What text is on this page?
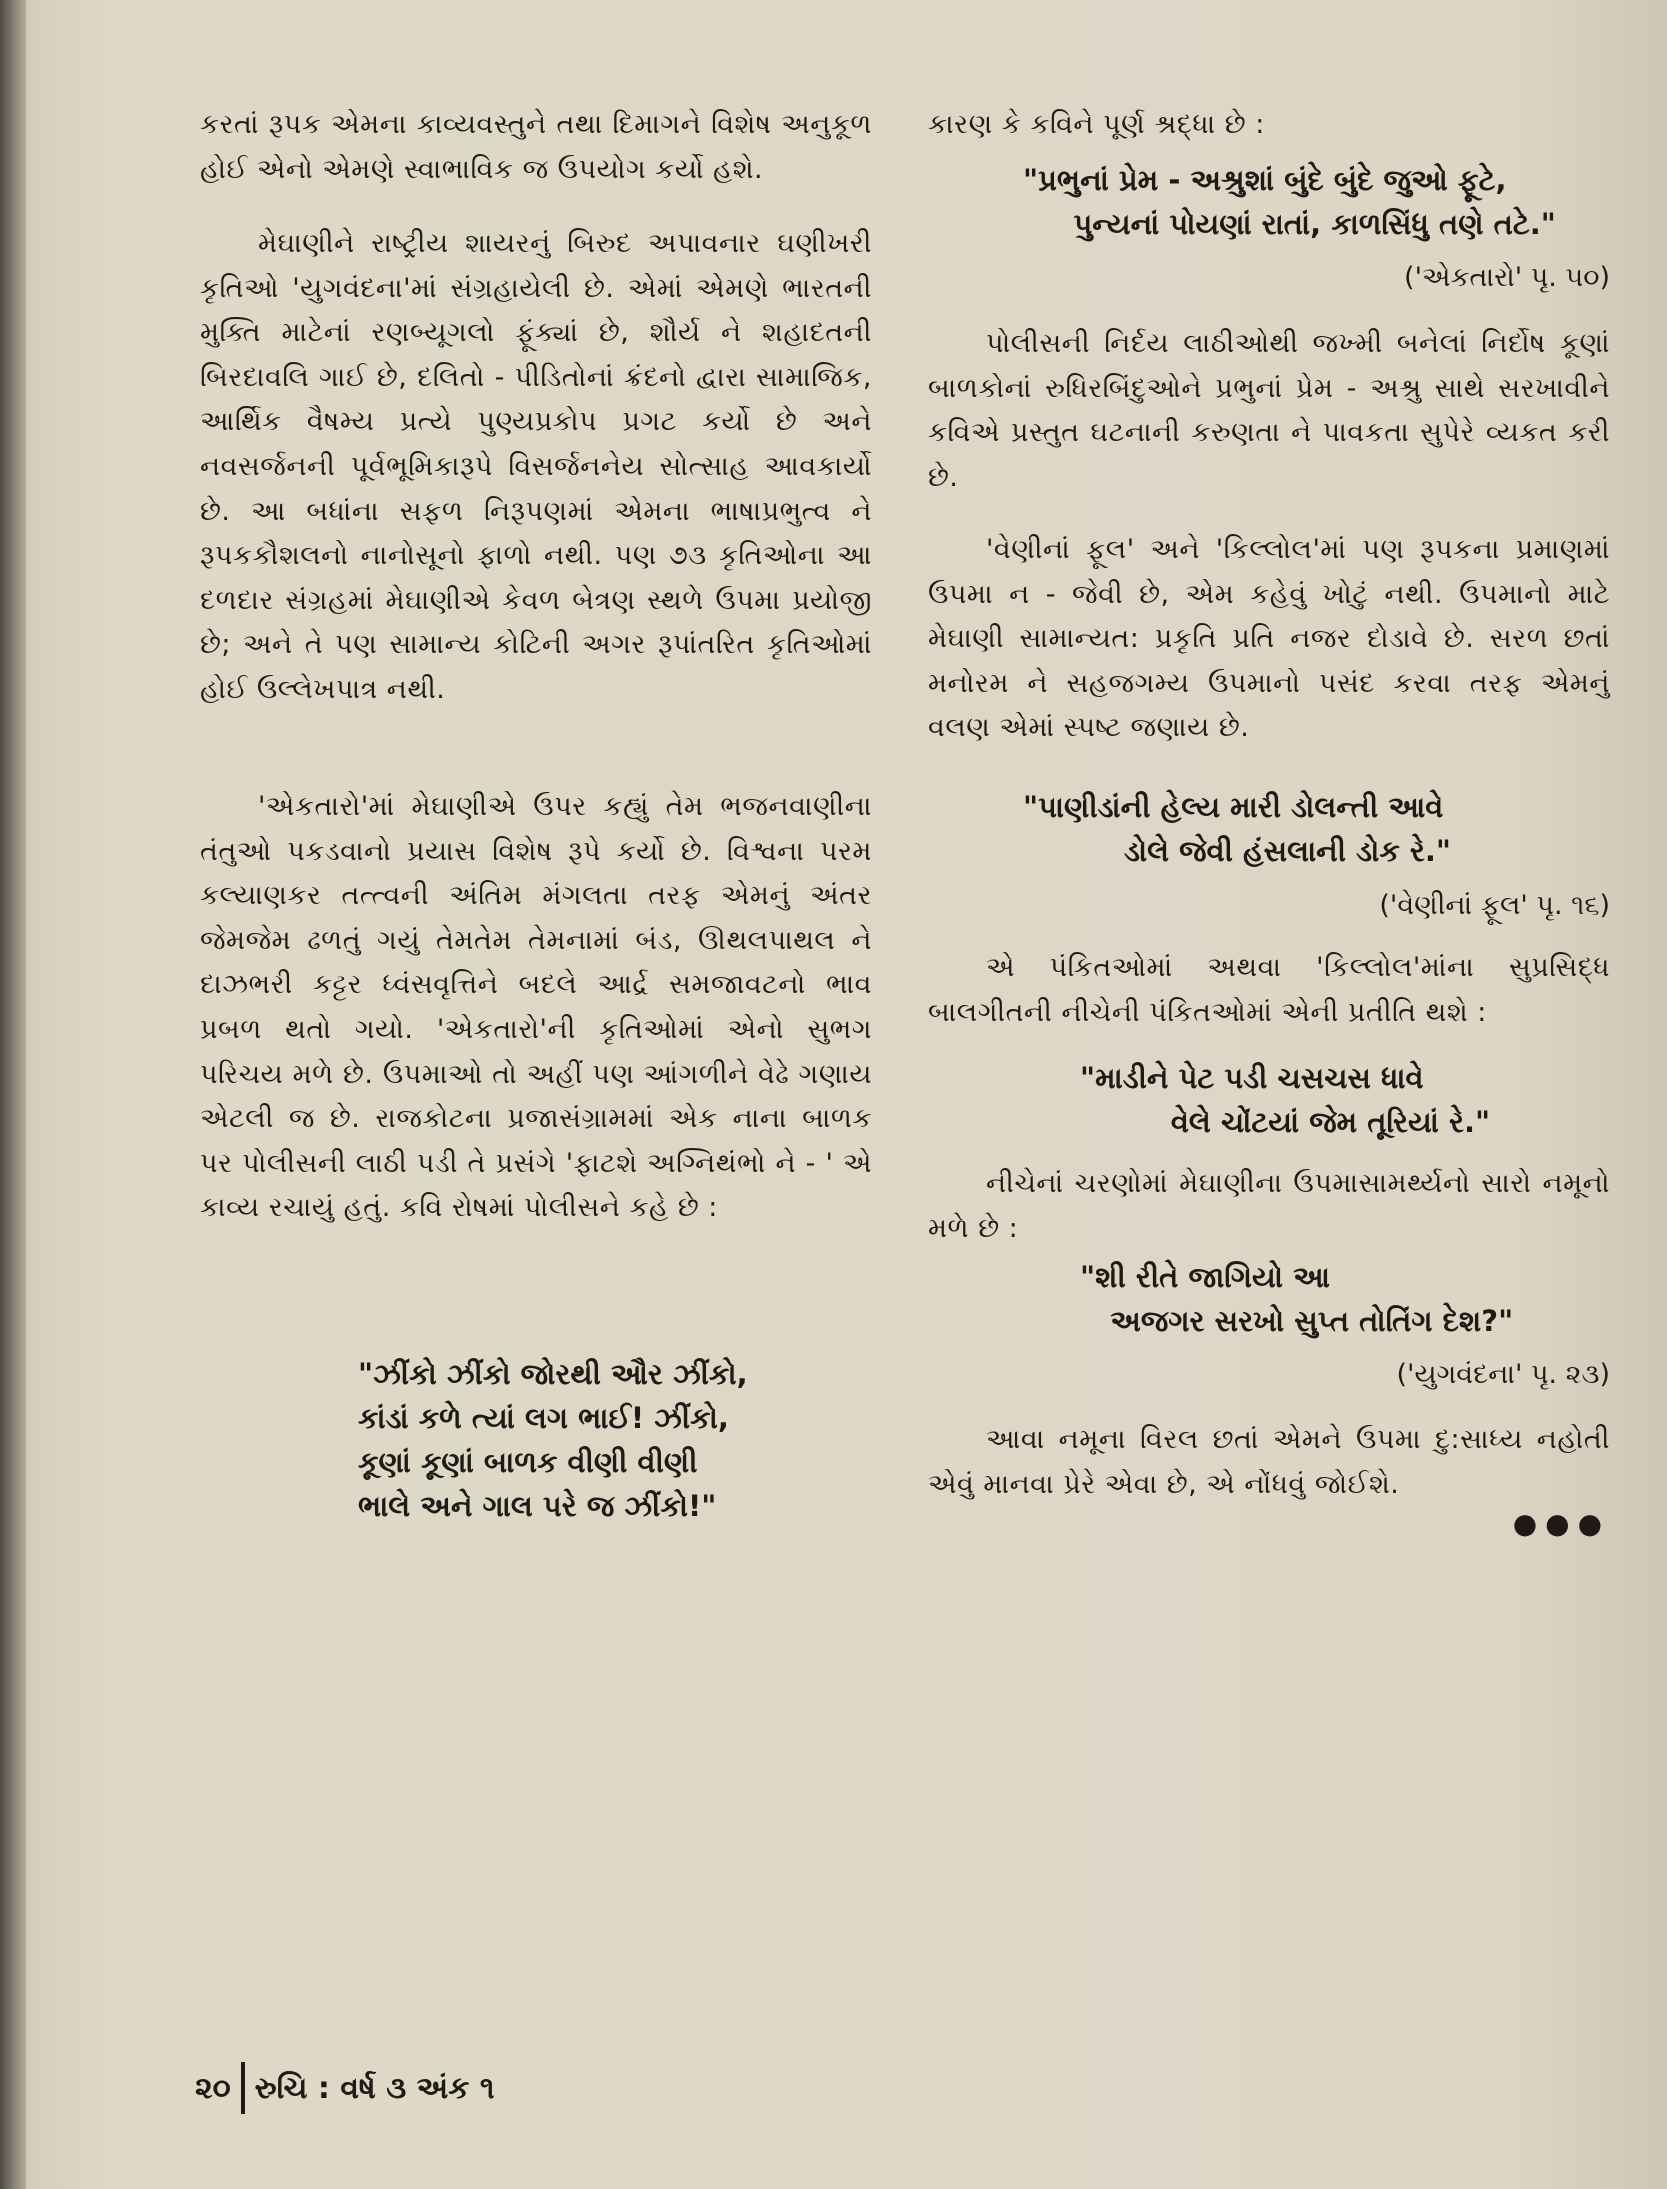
કરતાં રૂપક એમના કાવ્યવસ્તુને તથા દિમાગને વિશેષ અનુકૂળ હોઈ એનો એમણે સ્વાભાવિક જ ઉપયોગ કર્યો હશે.

મેઘાણીને રાષ્ટ્રીય શાયરનું બિરુદ અપાવનાર ઘણીખરી કૃતિઓ 'યુગવંદના'માં સંગ્રહાયેલી છે. એમાં એમણે ભારતની મુક્તિ માટેનાં રણબ્યૂગલો ફૂંક્યાં છે, શૌર્ય ને શહાદતની બિરદાવલિ ગાઈ છે, દલિતો - પીડિતોનાં ક્રંદનો દ્વારા સામાજિક, આર્થિક વૈષમ્ય પ્રત્યે પુણ્યપ્રકોપ પ્રગટ કર્યો છે અને નવસર્જનની પૂર્વભૂમિકારૂપે વિસર્જનનેય સોત્સાહ આવકાર્યો છે. આ બધાંના સફળ નિરૂપણમાં એમના ભાષાપ્રભુત્વ ને રૂપકકૌશલનો નાનોસૂનો ફાળો નથી. પણ ૭૩ કૃતિઓના આ દળદાર સંગ્રહમાં મેઘાણીએ કેવળ બેત્રણ સ્થળે ઉપમા પ્રયોજી છે; અને તે પણ સામાન્ય કોટિની અગર રૂપાંતરિત કૃતિઓમાં હોઈ ઉલ્લેખપાત્ર નથી.

'એકતારો'માં મેઘાણીએ ઉપર કહ્યું તેમ ભજનવાણીના તંતુઓ પકડવાનો પ્રયાસ વિશેષ રૂપે કર્યો છે. વિશ્વના પરમ કલ્યાણકર તત્ત્વની અંતિમ મંગલતા તરફ એમનું અંતર જેમજેમ ઢળતું ગયું તેમતેમ તેમનામાં બંડ, ઊથલપાથલ ને દાઝભરી કટ્ટર ધ્વંસવૃત્તિને બદલે આર્દ્ર સમજાવટનો ભાવ પ્રબળ થતો ગયો. 'એકતારો'ની કૃતિઓમાં એનો સુભગ પરિચય મળે છે. ઉપમાઓ તો અહીં પણ આંગળીને વેઢે ગણાય એટલી જ છે. રાજકોટના પ્રજાસંગ્રામમાં એક નાના બાળક પર પોલીસની લાઠી પડી તે પ્રસંગે 'ફાટશે અગ્નિથંભો ને - ' એ કાવ્ય રચાયું હતું. કવિ રોષમાં પોલીસને કહે છે :

"ઝીંકો ઝીંકો જોરથી ઔર ઝીંકો,
કાંડાં કળે ત્યાં લગ ભાઈ! ઝીંકો,
કૂણાં કૂણાં બાળક વીણી વીણી
ભાલે અને ગાલ પરે જ ઝીંકો!"

કારણ કે કવિને પૂર્ણ શ્રદ્ધા છે :

"પ્રભુનાં પ્રેમ - અશ્રુશાં બુંદે બુંદે જુઓ ફૂટે,
પુન્યનાં પોયણાં રાતાં, કાળસિંધુ તણે તટે."

('એકતારો' પૃ. ૫૦)

પોલીસની નિર્દય લાઠીઓથી જખ્મી બનેલાં નિર્દોષ કૂણાં બાળકોનાં રુધિરબિંદુઓને પ્રભુનાં પ્રેમ - અશ્રુ સાથે સરખાવીને કવિએ પ્રસ્તુત ઘટનાની કરુણતા ને પાવકતા સુપેરે વ્યકત કરી છે.

'વેણીનાં ફૂલ' અને 'કિલ્લોલ'માં પણ રૂપકના પ્રમાણમાં ઉપમા ન - જેવી છે, એમ કહેવું ખોટું નથી. ઉપમાનો માટે મેઘાણી સામાન્યત: પ્રકૃતિ પ્રતિ નજર દોડાવે છે. સરળ છતાં મનોરમ ને સહજગમ્ય ઉપમાનો પસંદ કરવા તરફ એમનું વલણ એમાં સ્પષ્ટ જણાય છે.

"પાણીડાંની હેલ્ય મારી ડોલન્તી આવે
ડોલે જેવી હંસલાની ડોક રે."

('વેણીનાં ફૂલ' પૃ. ૧૬)

એ પંકિતઓમાં અથવા 'કિલ્લોલ'માંના સુપ્રસિદ્ધ બાલગીતની નીચેની પંકિતઓમાં એની પ્રતીતિ થશે :

"માડીને પેટ પડી ચસચસ ધાવે
વેલે ચોંટયાં જેમ તૂરિયાં રે."

નીચેનાં ચરણોમાં મેઘાણીના ઉપમાસામર્થ્યનો સારો નમૂનો મળે છે :

"શી રીતે જાગિયો આ
અજગર સરખો સુપ્ત તોતિંગ દેશ?"

('યુગવંદના' પૃ. ૨૩)

આવા નમૂના વિરલ છતાં એમને ઉપમા દુ:સાધ્ય નહોતી એવું માનવા પ્રેરે એવા છે, એ નોંધવું જોઈશે.

●●●
૨૦ રુચિ : વર્ષ ૩ અંક ૧
